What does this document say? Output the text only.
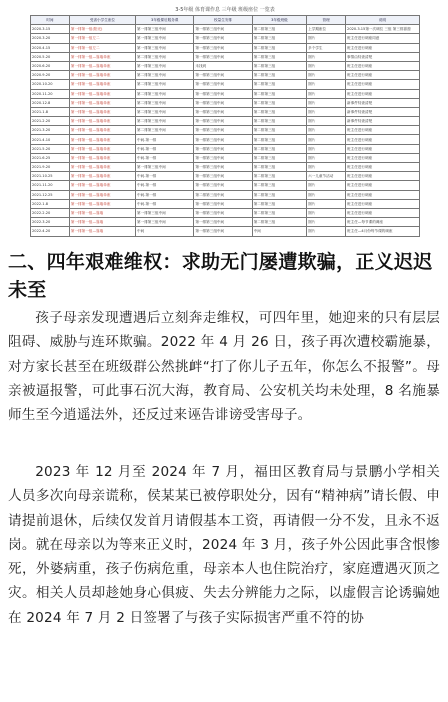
3-5年级 体育课作息 三年级 班级座位 一览表
时间	受害小学生座位	3年级课后服务课	校量生安排	3年级班级	管理	说明
2020.3.15	第一排第一组(阳光)	第一排第三组中间	第一排第三组中间	第二排第三组	上学期座位	2020.3.15第一次调位 三组 第三排靠窗
2020.3.20	第一排第一组左二	第一排第三组中间	第一排第三组中间	第二排第三组	图片	班主任进行调座同意
2020.4.15	第一排第一组左二	第一排第三组中间	第一排第三组中间	第二排第三组	多个学生	班主任进行调座
2020.5.20	第一排第一组—靠墙单座	第二排第三组中间	第一排第三组中间	第二排第三组	图片	事情由待查清楚
2020.6.20	第一排第一组—靠墙单座	第一排第三组中间	未找到	第二排第三组	图片	班主任进行调座
2020.9.20	第一排第一组—靠墙单座	第二排第三组中间	第一排第三组中间	第二排第三组	图片	班主任进行调座
2020.10.20	第一排第一组—靠墙单座	第二排第三组中间	第一排第三组中间	第二排第三组	图片	班主任进行调座
2020.11.20	第一排第一组—靠墙单座	第二排第三组中间	第一排第三组中间	第二排第三组	图片	班主任进行调座
2020.12.8	第一排第一组—靠墙单座	第二排第三组中间	第一排第三组中间	第二排第三组	图片	新事件待查清楚
2021.1.8	第一排第一组—靠墙单座	第二排第三组中间	第一排第三组中间	第二排第三组	图片	新事件待查清楚
2021.2.20	第一排第一组—靠墙单座	第二排第三组中间	第一排第三组中间	第二排第三组	图片	新事件待查清楚
2021.3.20	第一排第一组—靠墙单座	第二排第三组中间	第一排第三组中间	第二排第三组	图片	班主任进行调座
2021.4.10	第一排第一组—靠墙单座	中间-第一排	第一排第三组中间	第二排第三组	图片	班主任进行调座
2021.5.20	第一排第一组—靠墙单座	中间-第一排	第一排第三组中间	第二排第三组	图片	班主任进行调座
2021.6.25	第一排第一组—靠墙单座	中间-第一排	第一排第三组中间	第二排第三组	图片	班主任进行调座
2021.9.20	第一排第一组—靠墙单座	第一排第三组中间	第一排第三组中间	第二排第三组	图片	班主任进行调座
2021.10.25	第一排第一组—靠墙单座	中间-第一排	第一排第三组中间	第二排第三组	六一儿童节活动	班主任进行调座
2021.11.20	第一排第一组—靠墙单座	中间-第一排	第一排第三组中间	第二排第三组	图片	班主任进行调座
2021.12.25	第一排第一组—靠墙单座	中间-第一排	第二排第三组中间	第二排第三组	图片	班主任进行调座
2022.1.8	第一排第一组—靠墙单座	中间-第一排	第一排第三组中间	第二排第三组	图片	班主任进行调座
2022.2.20	第一排第一组—靠墙	第一排第三组中间	第一排第三组中间	第二排第三组	图片	班主任进行调座
2022.3.20	第一排第一组—靠墙	第一排第三组中间	第一排第三组中间	第二排第三组	图片	班主任—每节课的调座
2022.4.20	第一排第一组—靠墙	中间	第一排第三组中间	中间	图片	班主任—4月份每节课的调座
二、四年艰难维权：求助无门屡遭欺骗，正义迟迟未至

孩子母亲发现遭遇后立刻奔走维权，可四年里，她迎来的只有层层阻碍、威胁与连环欺骗。2022 年 4 月 26 日，孩子再次遭校霸施暴，对方家长甚至在班级群公然挑衅“打了你儿子五年，你怎么不报警”。母亲被逼报警，可此事石沉大海，教育局、公安机关均未处理，8 名施暴师生至今逍遥法外，还反过来诬告诽谤受害母子。

2023 年 12 月至 2024 年 7 月，福田区教育局与景鹏小学相关人员多次向母亲谎称，侯某某已被停职处分，因有“精神病”请长假、申请提前退休，后续仅发首月请假基本工资，再请假一分不发，且永不返岗。就在母亲以为等来正义时，2024 年 3 月，孩子外公因此事含恨惨死，外婆病重，孩子伤病危重，母亲本人也住院治疗，家庭遭遇灭顶之灾。相关人员却趁她身心俱疲、失去分辨能力之际，以虚假言论诱骗她在 2024 年 7 月 2 日签署了与孩子实际损害严重不符的协
